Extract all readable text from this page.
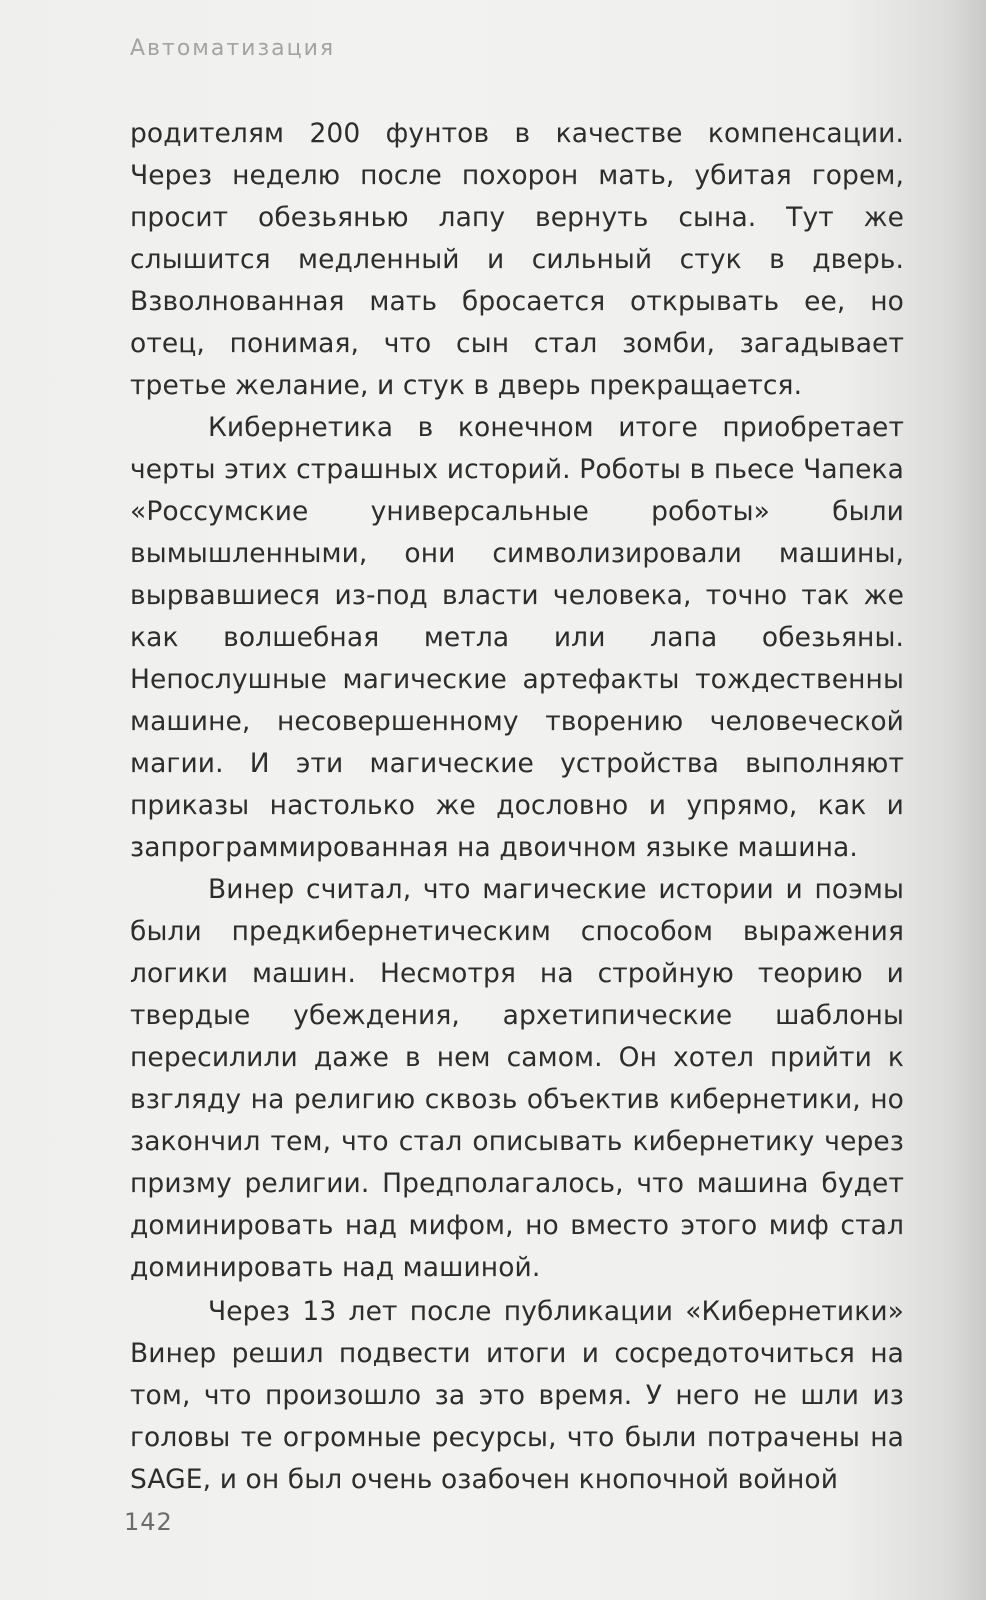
Автоматизация

родителям 200 фунтов в качестве компенсации. Через неделю после похорон мать, убитая горем, просит обезьянью лапу вернуть сына. Тут же слышится медленный и сильный стук в дверь. Взволнованная мать бросается открывать ее, но отец, понимая, что сын стал зомби, загадывает третье желание, и стук в дверь прекращается.

Кибернетика в конечном итоге приобретает черты этих страшных историй. Роботы в пьесе Чапека «Россумские универсальные роботы» были вымышленными, они символизировали машины, вырвавшиеся из-под власти человека, точно так же как волшебная метла или лапа обезьяны. Непослушные магические артефакты тождественны машине, несовершенному творению человеческой магии. И эти магические устройства выполняют приказы настолько же дословно и упрямо, как и запрограммированная на двоичном языке машина.

Винер считал, что магические истории и поэмы были предкибернетическим способом выражения логики машин. Несмотря на стройную теорию и твердые убеждения, архетипические шаблоны пересилили даже в нем самом. Он хотел прийти к взгляду на религию сквозь объектив кибернетики, но закончил тем, что стал описывать кибернетику через призму религии. Предполагалось, что машина будет доминировать над мифом, но вместо этого миф стал доминировать над машиной.

Через 13 лет после публикации «Кибернетики» Винер решил подвести итоги и сосредоточиться на том, что произошло за это время. У него не шли из головы те огромные ресурсы, что были потрачены на SAGE, и он был очень озабочен кнопочной войной

142
